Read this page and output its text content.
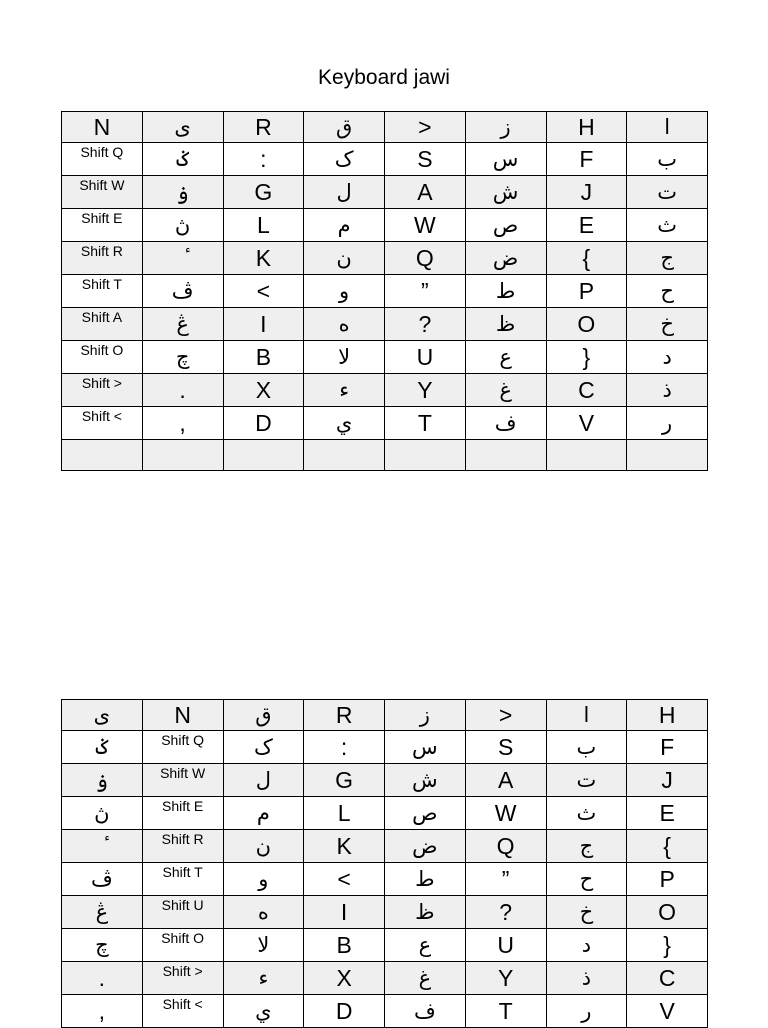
Keyboard jawi
N	ى	R	ق	>	ز	H	ا
Shift Q	ݢ	:	ک	S	س	F	ب
Shift W	ۏ	G	ل	A	ش	J	ت
Shift E	ڽ	L	م	W	ص	E	ث
Shift R		K	ن	Q	ض	{	ج
Shift T	ڤ	<	و	”	ط	P	ح
Shift A	ڠ	I	ه	?	ظ	O	خ
Shift O	چ	B	لا	U	ع	}	د
Shift >	.	X	ء	Y	غ	C	ذ
Shift <	,	D	ي	T	ف	V	ر

ى	N	ق	R	ز	>	ا	H
ݢ	Shift Q	ک	:	س	S	ب	F
ۏ	Shift W	ل	G	ش	A	ت	J
ڽ	Shift E	م	L	ص	W	ث	E
	Shift R	ن	K	ض	Q	ج	{
ڤ	Shift T	و	<	ط	”	ح	P
ڠ	Shift U	ه	I	ظ	?	خ	O
چ	Shift O	لا	B	ع	U	د	}
.	Shift >	ء	X	غ	Y	ذ	C
,	Shift <	ي	D	ف	T	ر	V
